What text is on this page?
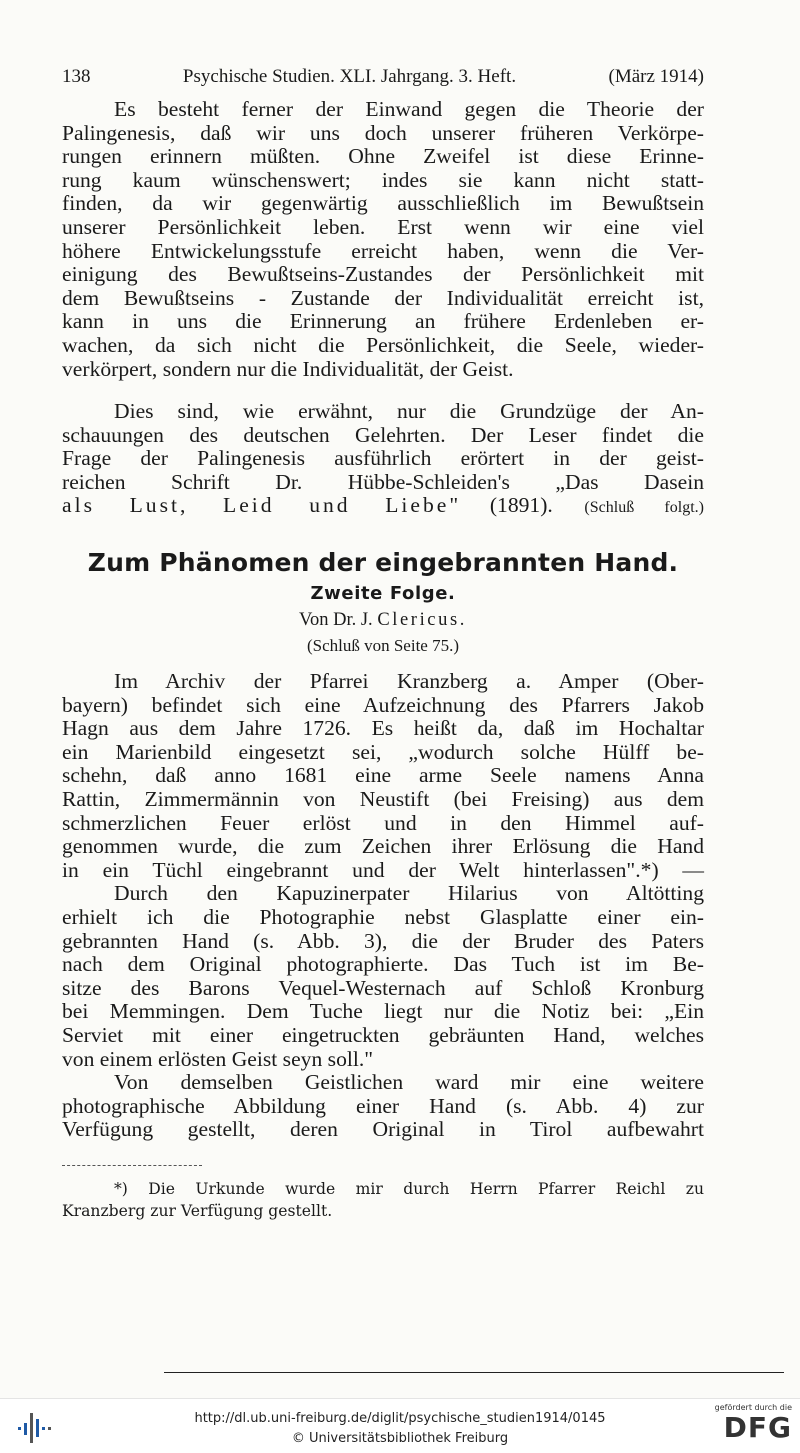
138	Psychische Studien. XLI. Jahrgang. 3. Heft.	(März 1914)
Es besteht ferner der Einwand gegen die Theorie der
Palingenesis, daß wir uns doch unserer früheren Verkörpe-
rungen erinnern müßten. Ohne Zweifel ist diese Erinne-
rung kaum wünschenswert; indes sie kann nicht statt-
finden, da wir gegenwärtig ausschließlich im Bewußtsein
unserer Persönlichkeit leben. Erst wenn wir eine viel
höhere Entwickelungsstufe erreicht haben, wenn die Ver-
einigung des Bewußtseins-Zustandes der Persönlichkeit mit
dem Bewußtseins - Zustande der Individualität erreicht ist,
kann in uns die Erinnerung an frühere Erdenleben er-
wachen, da sich nicht die Persönlichkeit, die Seele, wieder-
verkörpert, sondern nur die Individualität, der Geist.
Dies sind, wie erwähnt, nur die Grundzüge der An-
schauungen des deutschen Gelehrten. Der Leser findet die
Frage der Palingenesis ausführlich erörtert in der geist-
reichen Schrift Dr. Hübbe-Schleiden's „Das Dasein
als Lust, Leid und Liebe" (1891). (Schluß folgt.)
Zum Phänomen der eingebrannten Hand.
Zweite Folge.
Von Dr. J. Clericus.
(Schluß von Seite 75.)
Im Archiv der Pfarrei Kranzberg a. Amper (Ober-
bayern) befindet sich eine Aufzeichnung des Pfarrers Jakob
Hagn aus dem Jahre 1726. Es heißt da, daß im Hochaltar
ein Marienbild eingesetzt sei, „wodurch solche Hülff be-
schehn, daß anno 1681 eine arme Seele namens Anna
Rattin, Zimmermännin von Neustift (bei Freising) aus dem
schmerzlichen Feuer erlöst und in den Himmel auf-
genommen wurde, die zum Zeichen ihrer Erlösung die Hand
in ein Tüchl eingebrannt und der Welt hinterlassen".*) —
Durch den Kapuzinerpater Hilarius von Altötting
erhielt ich die Photographie nebst Glasplatte einer ein-
gebrannten Hand (s. Abb. 3), die der Bruder des Paters
nach dem Original photographierte. Das Tuch ist im Be-
sitze des Barons Vequel-Westernach auf Schloß Kronburg
bei Memmingen. Dem Tuche liegt nur die Notiz bei: „Ein
Serviet mit einer eingetruckten gebräunten Hand, welches
von einem erlösten Geist seyn soll."
Von demselben Geistlichen ward mir eine weitere
photographische Abbildung einer Hand (s. Abb. 4) zur
Verfügung gestellt, deren Original in Tirol aufbewahrt
*) Die Urkunde wurde mir durch Herrn Pfarrer Reichl zu
Kranzberg zur Verfügung gestellt.
http://dl.ub.uni-freiburg.de/diglit/psychische_studien1914/0145
© Universitätsbibliothek Freiburg
gefördert durch die
DFG
